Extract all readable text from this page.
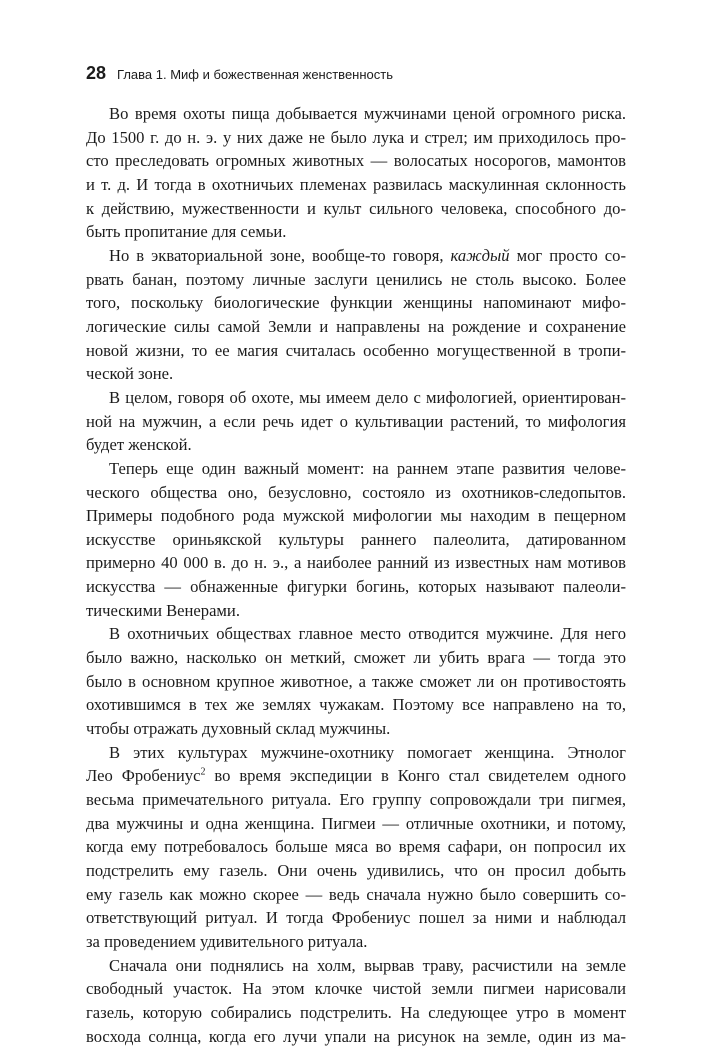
28 Глава 1. Миф и божественная женственность

Во время охоты пища добывается мужчинами ценой огромного риска.
До 1500 г. до н. э. у них даже не было лука и стрел; им приходилось про-
сто преследовать огромных животных — волосатых носорогов, мамонтов
и т. д. И тогда в охотничьих племенах развилась маскулинная склонность
к действию, мужественности и культ сильного человека, способного до-
быть пропитание для семьи.

Но в экваториальной зоне, вообще-то говоря, каждый мог просто со-
рвать банан, поэтому личные заслуги ценились не столь высоко. Более
того, поскольку биологические функции женщины напоминают мифо-
логические силы самой Земли и направлены на рождение и сохранение
новой жизни, то ее магия считалась особенно могущественной в тропи-
ческой зоне.

В целом, говоря об охоте, мы имеем дело с мифологией, ориентирован-
ной на мужчин, а если речь идет о культивации растений, то мифология
будет женской.

Теперь еще один важный момент: на раннем этапе развития челове-
ческого общества оно, безусловно, состояло из охотников-следопытов.
Примеры подобного рода мужской мифологии мы находим в пещерном
искусстве ориньякской культуры раннего палеолита, датированном
примерно 40 000 в. до н. э., а наиболее ранний из известных нам мотивов
искусства — обнаженные фигурки богинь, которых называют палеоли-
тическими Венерами.

В охотничьих обществах главное место отводится мужчине. Для него
было важно, насколько он меткий, сможет ли убить врага — тогда это
было в основном крупное животное, а также сможет ли он противостоять
охотившимся в тех же землях чужакам. Поэтому все направлено на то,
чтобы отражать духовный склад мужчины.

В этих культурах мужчине-охотнику помогает женщина. Этнолог
Лео Фробениус$^2$ во время экспедиции в Конго стал свидетелем одного
весьма примечательного ритуала. Его группу сопровождали три пигмея,
два мужчины и одна женщина. Пигмеи — отличные охотники, и потому,
когда ему потребовалось больше мяса во время сафари, он попросил их
подстрелить ему газель. Они очень удивились, что он просил добыть
ему газель как можно скорее — ведь сначала нужно было совершить со-
ответствующий ритуал. И тогда Фробениус пошел за ними и наблюдал
за проведением удивительного ритуала.

Сначала они поднялись на холм, вырвав траву, расчистили на земле
свободный участок. На этом клочке чистой земли пигмеи нарисовали
газель, которую собирались подстрелить. На следующее утро в момент
восхода солнца, когда его лучи упали на рисунок на земле, один из ма-
